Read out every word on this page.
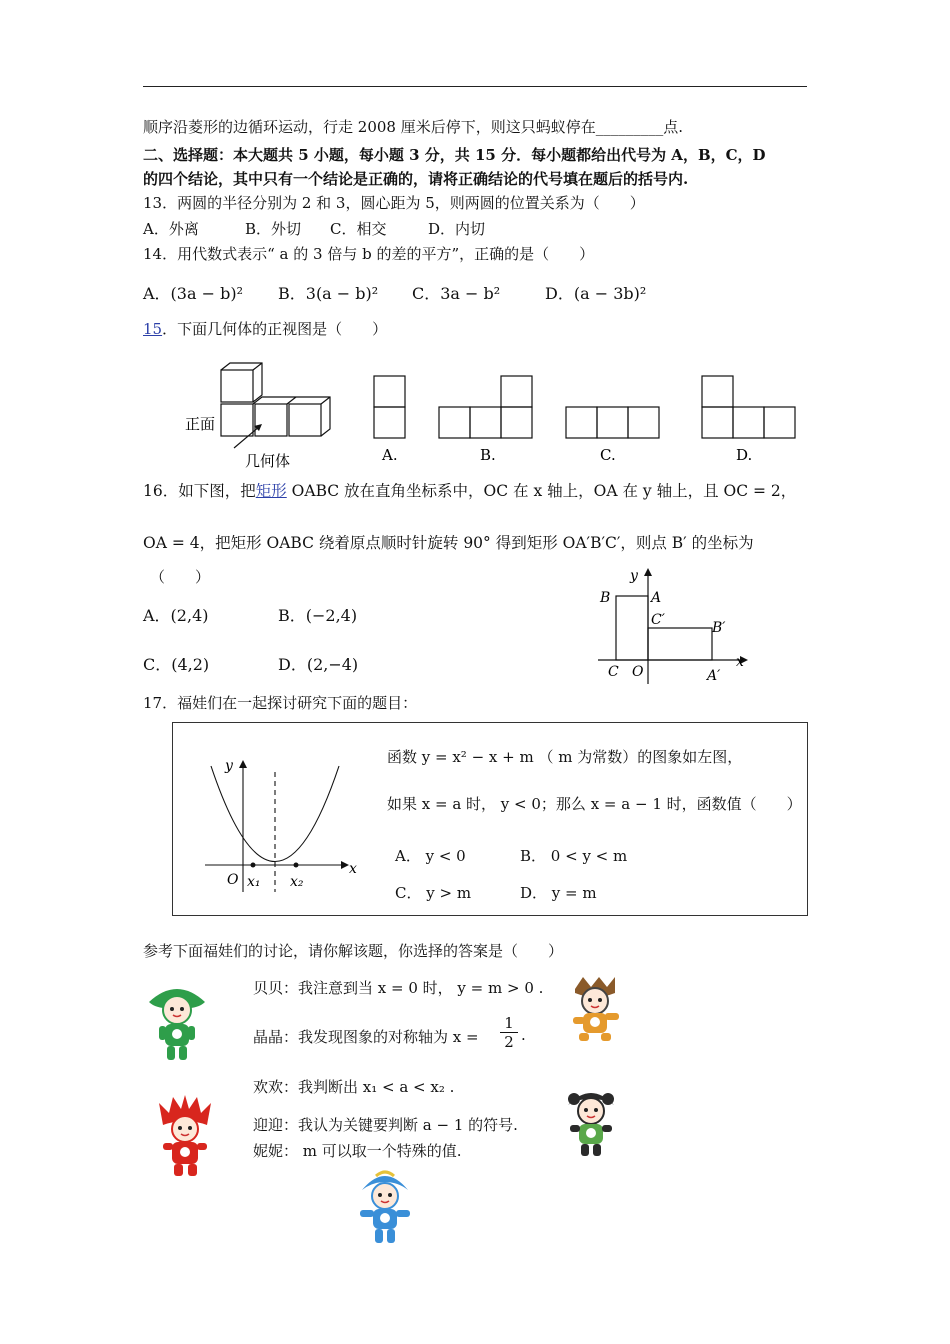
顺序沿菱形的边循环运动，行走 2008 厘米后停下，则这只蚂蚁停在_________点.
二、选择题：本大题共 5 小题，每小题 3 分，共 15 分．每小题都给出代号为 A，B，C，D
的四个结论，其中只有一个结论是正确的，请将正确结论的代号填在题后的括号内.
13．两圆的半径分别为 2 和 3，圆心距为 5，则两圆的位置关系为（　　）
A．外离	B．外切 C．相交	D．内切
14．用代数式表示“ a 的 3 倍与 b 的差的平方”，正确的是（　　）
A．(3a − b)² B．3(a − b)² C．3a − b²	D．(a − 3b)²
15．下面几何体的正视图是（　　）
正面
几何体	A.	B.	C.	D.
16．如下图，把矩形 OABC 放在直角坐标系中，OC 在 x 轴上，OA 在 y 轴上，且 OC = 2，
OA = 4，把矩形 OABC 绕着原点顺时针旋转 90° 得到矩形 OA′B′C′，则点 B′ 的坐标为
（　　）
A．(2,4)	B．(−2,4)
C．(4,2)	D．(2,−4)
B	A
C′	B′
C O	A′
x
y
17．福娃们在一起探讨研究下面的题目：
y
x
O x₁ x₂
函数 y = x² − x + m （ m 为常数）的图象如左图，
如果 x = a 时， y < 0；那么 x = a − 1 时，函数值（　　）
A． y < 0	B． 0 < y < m
C． y > m	D． y = m
参考下面福娃们的讨论，请你解该题，你选择的答案是（　　）
贝贝：我注意到当 x = 0 时， y = m > 0 .
晶晶：我发现图象的对称轴为 $x = \frac{1}{2}$ .
欢欢：我判断出 x₁ < a < x₂ .
迎迎：我认为关键要判断 a − 1 的符号.
妮妮： m 可以取一个特殊的值.
